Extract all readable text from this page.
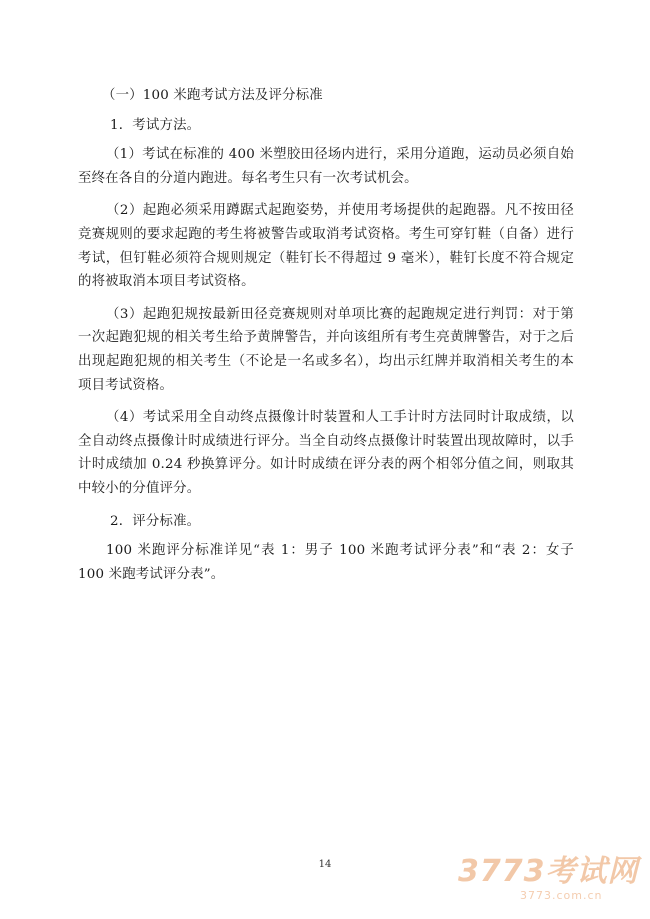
（一）100 米跑考试方法及评分标准

1．考试方法。

（1）考试在标准的 400 米塑胶田径场内进行，采用分道跑，运动员必须自始至终在各自的分道内跑进。每名考生只有一次考试机会。

（2）起跑必须采用蹲踞式起跑姿势，并使用考场提供的起跑器。凡不按田径竞赛规则的要求起跑的考生将被警告或取消考试资格。考生可穿钉鞋（自备）进行考试，但钉鞋必须符合规则规定（鞋钉长不得超过 9 毫米），鞋钉长度不符合规定的将被取消本项目考试资格。

（3）起跑犯规按最新田径竞赛规则对单项比赛的起跑规定进行判罚：对于第一次起跑犯规的相关考生给予黄牌警告，并向该组所有考生亮黄牌警告，对于之后出现起跑犯规的相关考生（不论是一名或多名），均出示红牌并取消相关考生的本项目考试资格。

（4）考试采用全自动终点摄像计时装置和人工手计时方法同时计取成绩，以全自动终点摄像计时成绩进行评分。当全自动终点摄像计时装置出现故障时，以手计时成绩加 0.24 秒换算评分。如计时成绩在评分表的两个相邻分值之间，则取其中较小的分值评分。

2．评分标准。

100 米跑评分标准详见“表 1：男子 100 米跑考试评分表”和“表 2：女子 100 米跑考试评分表”。

14	3773考试网
3773.com.cn
